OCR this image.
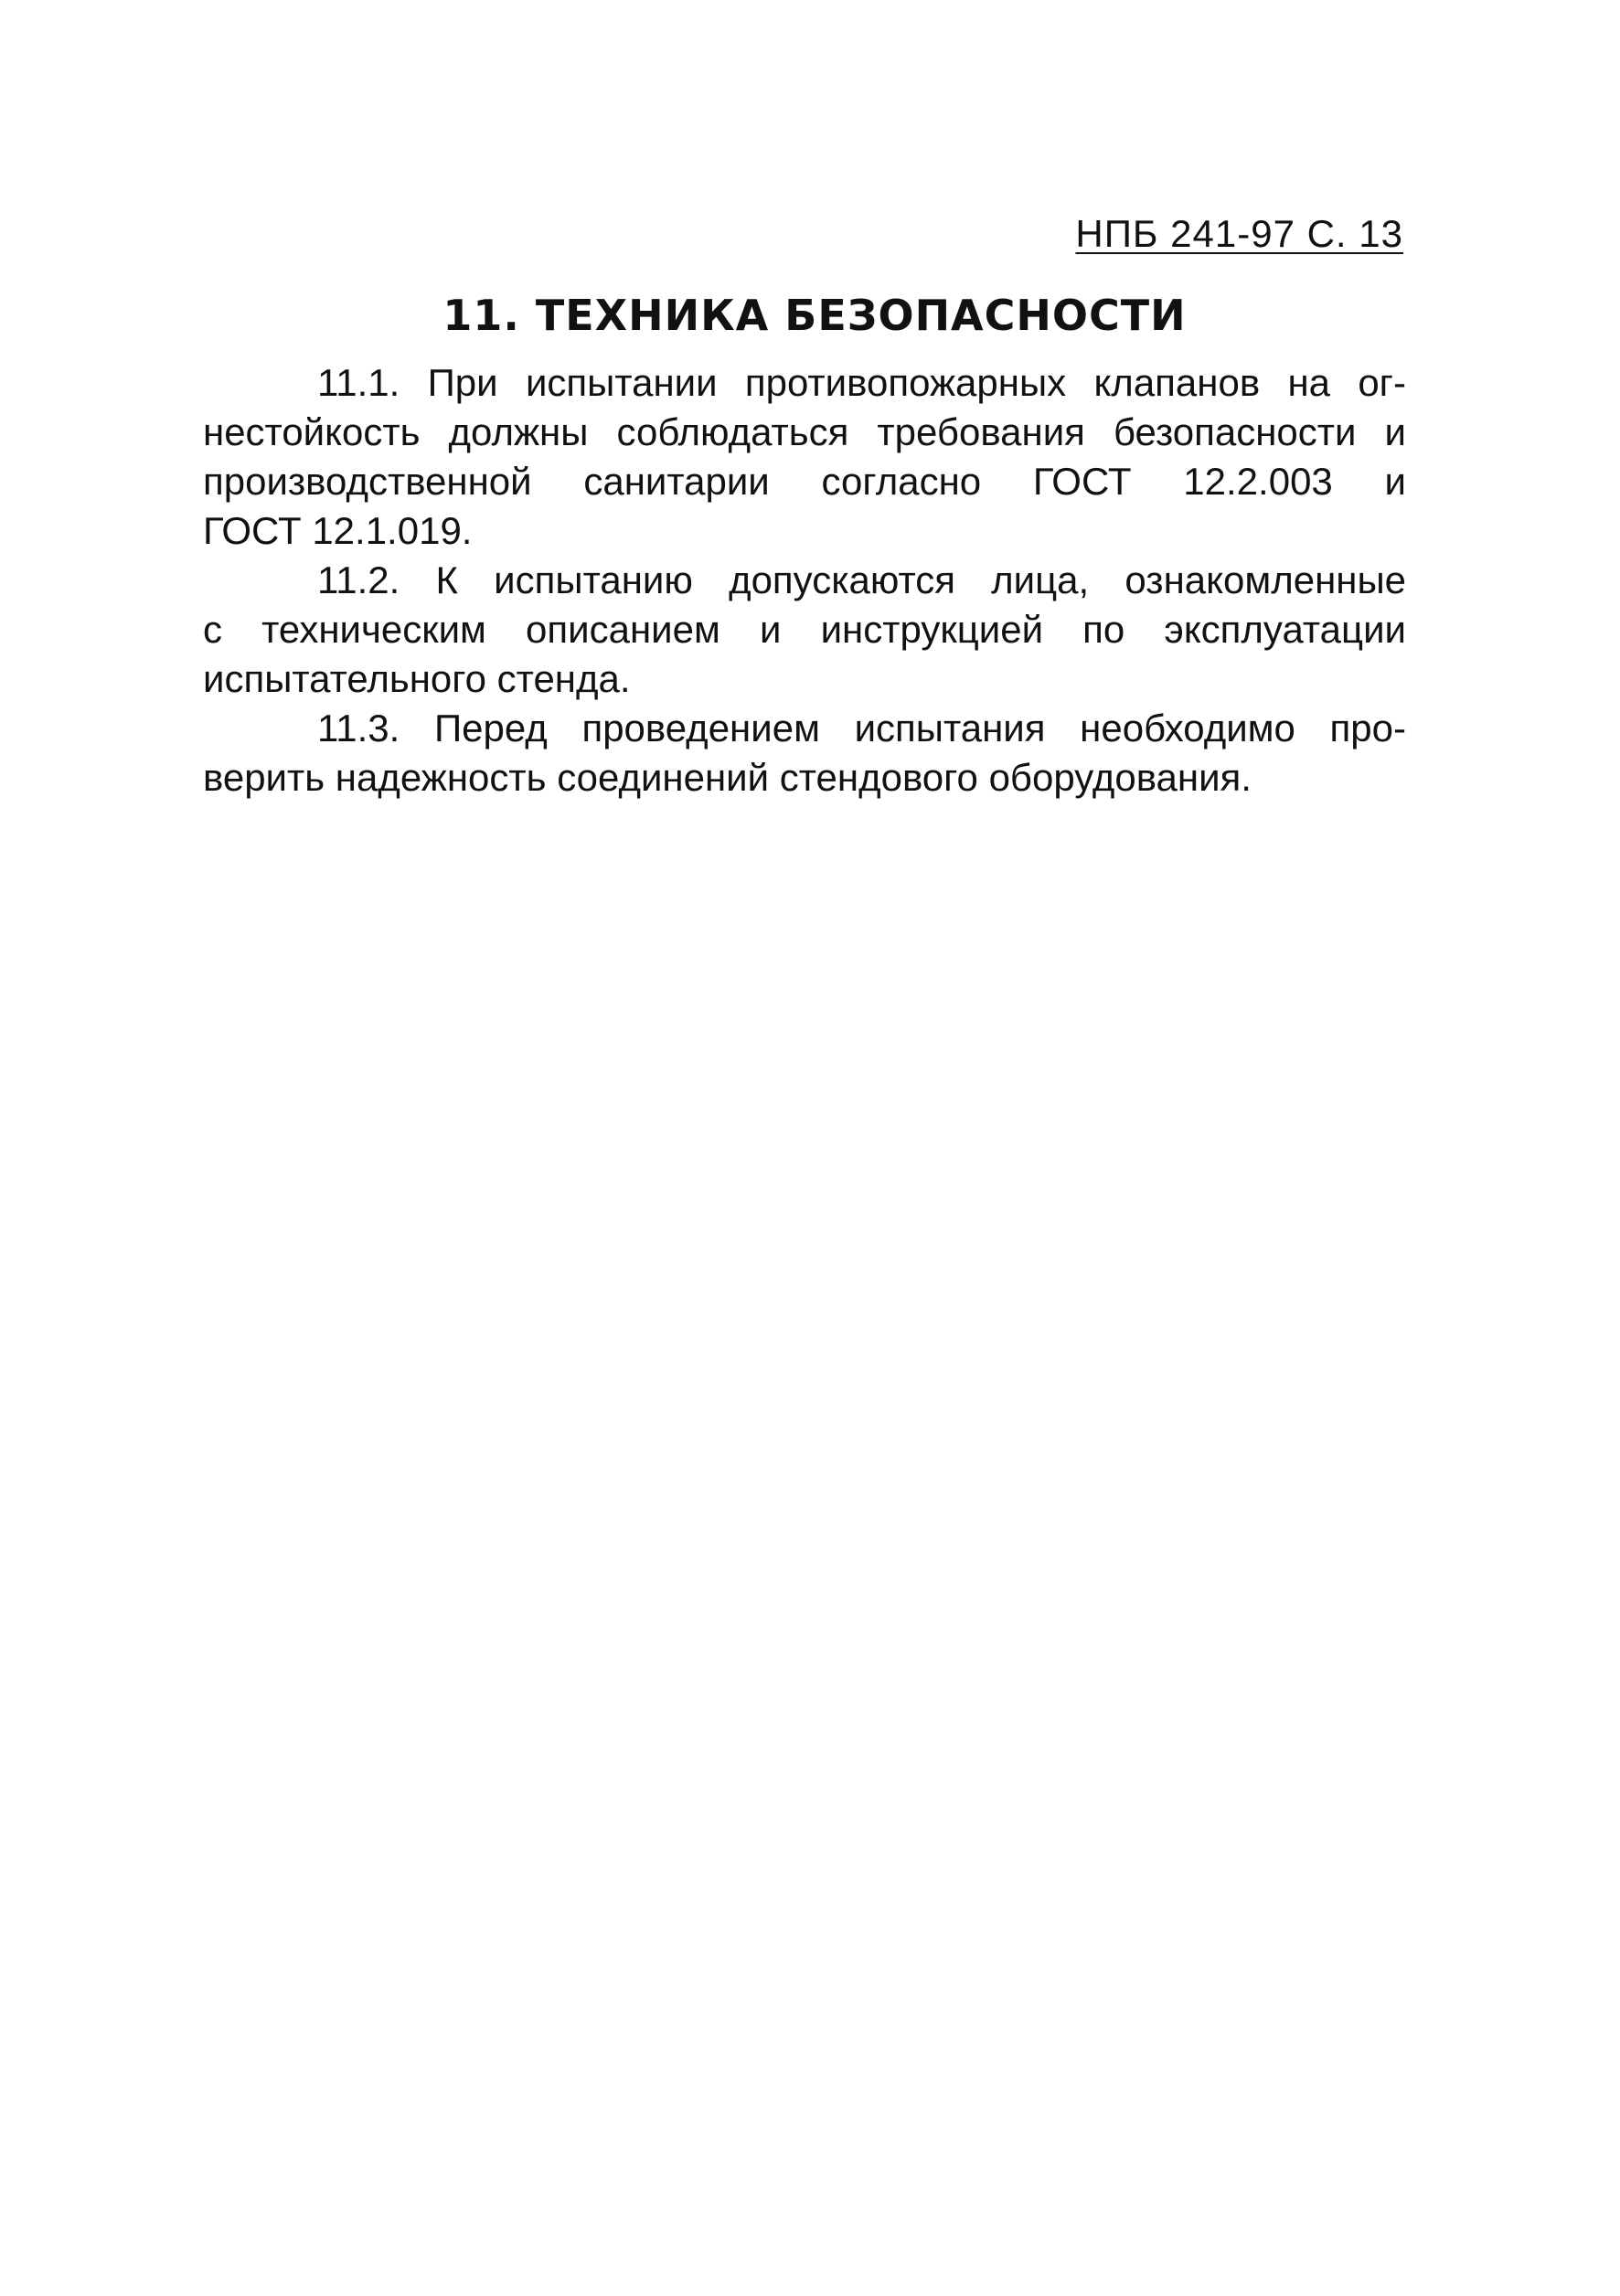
НПБ 241-97 С. 13
11. ТЕХНИКА БЕЗОПАСНОСТИ

11.1. При испытании противопожарных клапанов на ог-
нестойкость должны соблюдаться требования безопасности и
производственной санитарии согласно ГОСТ 12.2.003 и
ГОСТ 12.1.019.

11.2. К испытанию допускаются лица, ознакомленные
с техническим описанием и инструкцией по эксплуатации
испытательного стенда.

11.3. Перед проведением испытания необходимо про-
верить надежность соединений стендового оборудования.
